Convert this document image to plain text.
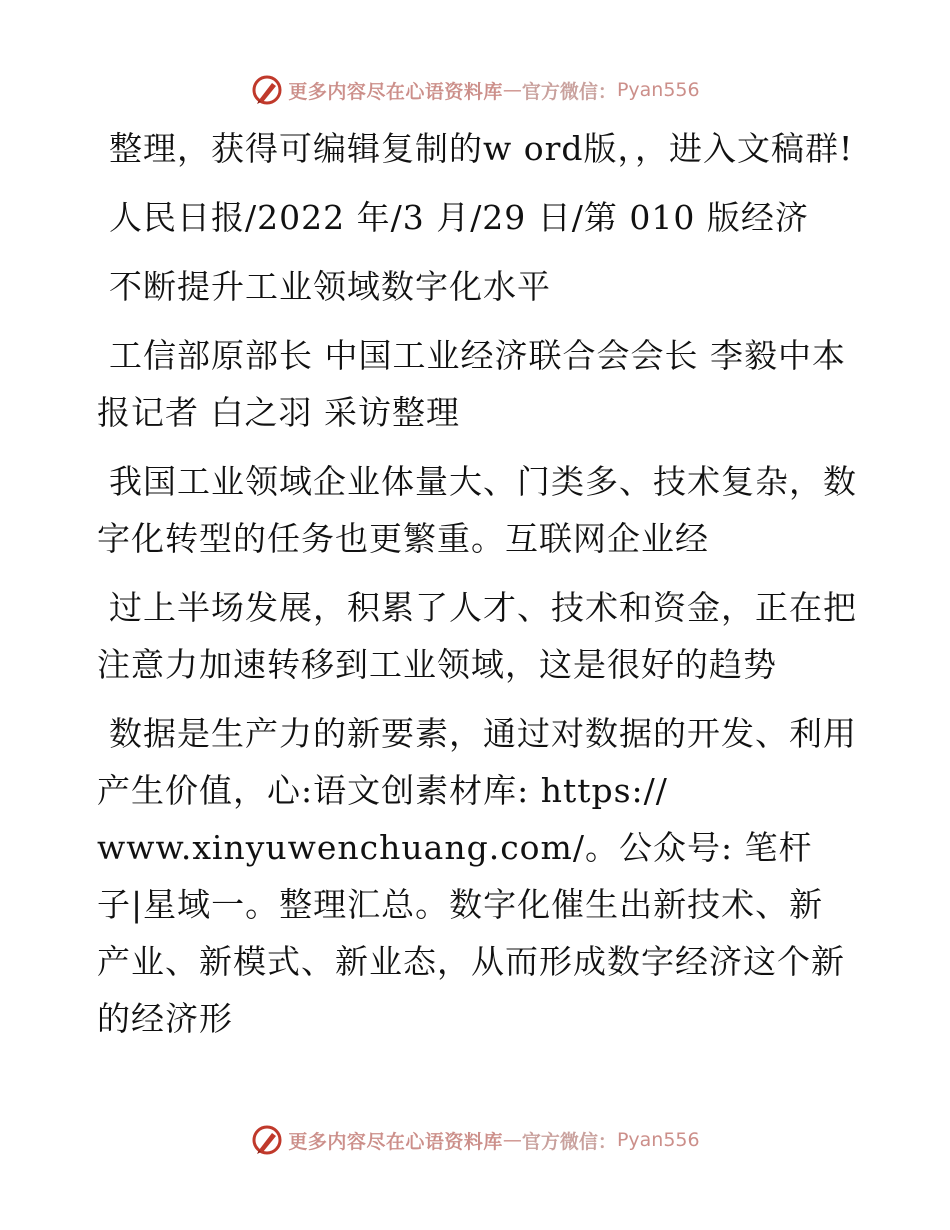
更多内容尽在心语资料库 — 官方微信： Pyan556

整理，获得可编辑复制的w ord版，，进入文稿群!

人民日报/2022 年/3 月/29 日/第 010 版经济

不断提升工业领域数字化水平

工信部原部长 中国工业经济联合会会长 李毅中本报记者 白之羽 采访整理

我国工业领域企业体量大、门类多、技术复杂，数字化转型的任务也更繁重。互联网企业经

过上半场发展，积累了人才、技术和资金，正在把注意力加速转移到工业领域，这是很好的趋势

数据是生产力的新要素，通过对数据的开发、利用产生价值，心:语文创素材库: https:// www.xinyuwenchuang.com/。公众号: 笔杆子|星域一。整理汇总。数字化催生出新技术、新产业、新模式、新业态，从而形成数字经济这个新的经济形

更多内容尽在心语资料库 — 官方微信： Pyan556
